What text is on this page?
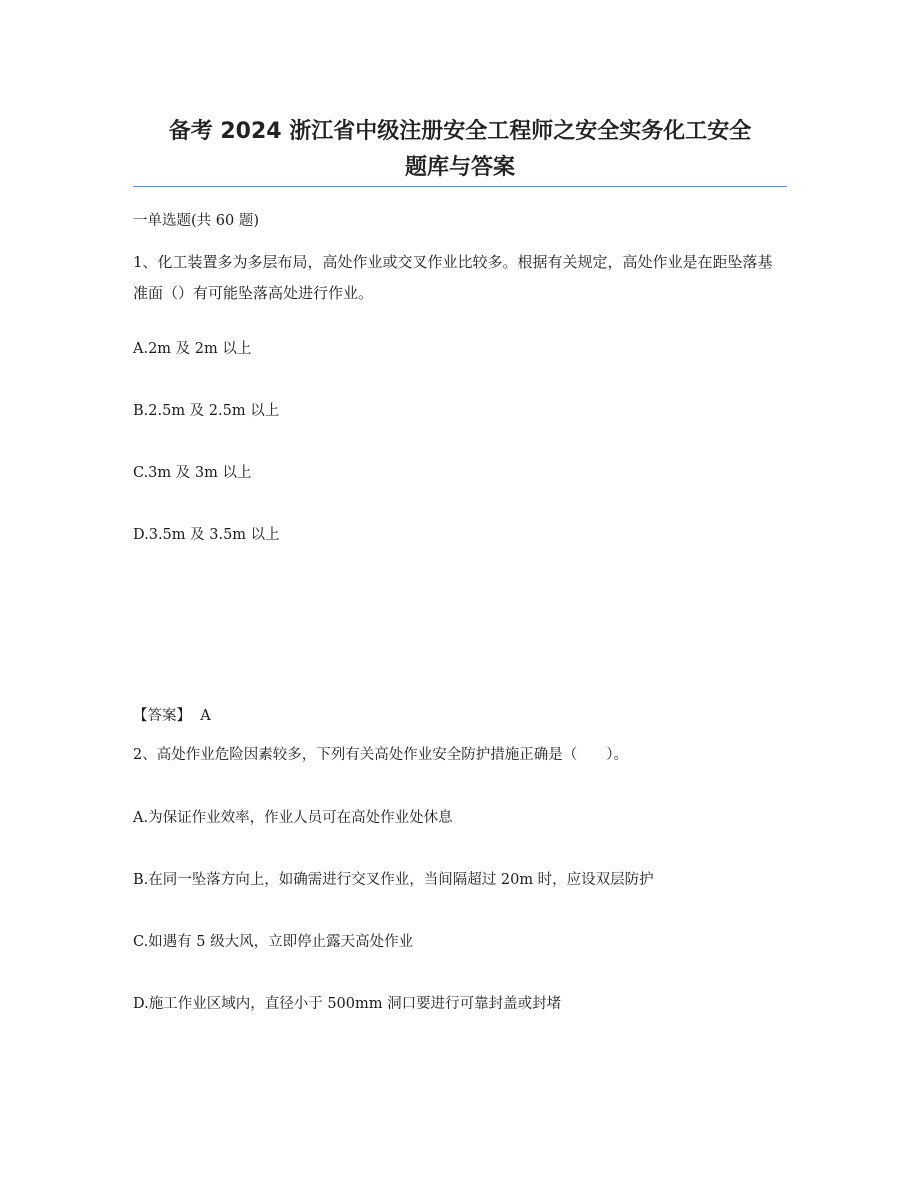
备考 2024 浙江省中级注册安全工程师之安全实务化工安全
题库与答案
一单选题(共 60 题)
1、化工装置多为多层布局，高处作业或交叉作业比较多。根据有关规定，高处作业是在距坠落基准面（）有可能坠落高处进行作业。
A.2m 及 2m 以上
B.2.5m 及 2.5m 以上
C.3m 及 3m 以上
D.3.5m 及 3.5m 以上
【答案】  A
2、高处作业危险因素较多，下列有关高处作业安全防护措施正确是（　　）。
A.为保证作业效率，作业人员可在高处作业处休息
B.在同一坠落方向上，如确需进行交叉作业，当间隔超过 20m 时，应设双层防护
C.如遇有 5 级大风，立即停止露天高处作业
D.施工作业区域内，直径小于 500mm 洞口要进行可靠封盖或封堵
